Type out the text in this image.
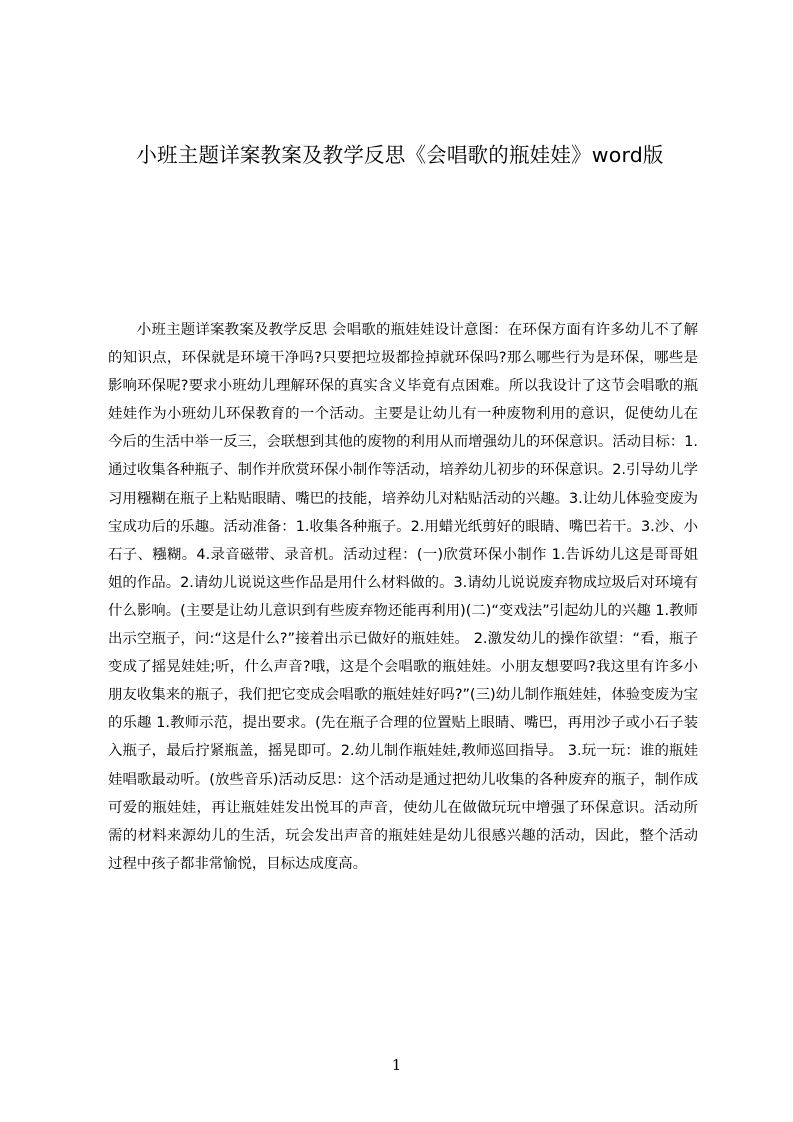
小班主题详案教案及教学反思《会唱歌的瓶娃娃》word版

小班主题详案教案及教学反思 会唱歌的瓶娃娃设计意图：在环保方面有许多幼儿不了解的知识点，环保就是环境干净吗?只要把垃圾都捡掉就环保吗?那么哪些行为是环保，哪些是影响环保呢?要求小班幼儿理解环保的真实含义毕竟有点困难。所以我设计了这节会唱歌的瓶娃娃作为小班幼儿环保教育的一个活动。主要是让幼儿有一种废物利用的意识，促使幼儿在今后的生活中举一反三，会联想到其他的废物的利用从而增强幼儿的环保意识。活动目标：1.通过收集各种瓶子、制作并欣赏环保小制作等活动，培养幼儿初步的环保意识。2.引导幼儿学习用糨糊在瓶子上粘贴眼睛、嘴巴的技能，培养幼儿对粘贴活动的兴趣。3.让幼儿体验变废为宝成功后的乐趣。活动准备：1.收集各种瓶子。2.用蜡光纸剪好的眼睛、嘴巴若干。3.沙、小石子、糨糊。4.录音磁带、录音机。活动过程：(一)欣赏环保小制作 1.告诉幼儿这是哥哥姐姐的作品。2.请幼儿说说这些作品是用什么材料做的。3.请幼儿说说废弃物成垃圾后对环境有什么影响。(主要是让幼儿意识到有些废弃物还能再利用)(二)“变戏法”引起幼儿的兴趣 1.教师出示空瓶子，问:“这是什么?”接着出示已做好的瓶娃娃。 2.激发幼儿的操作欲望：“看，瓶子变成了摇晃娃娃;听，什么声音?哦，这是个会唱歌的瓶娃娃。小朋友想要吗?我这里有许多小朋友收集来的瓶子，我们把它变成会唱歌的瓶娃娃好吗?”(三)幼儿制作瓶娃娃，体验变废为宝的乐趣 1.教师示范，提出要求。(先在瓶子合理的位置贴上眼睛、嘴巴，再用沙子或小石子装入瓶子，最后拧紧瓶盖，摇晃即可。2.幼儿制作瓶娃娃,教师巡回指导。 3.玩一玩：谁的瓶娃娃唱歌最动听。(放些音乐)活动反思：这个活动是通过把幼儿收集的各种废弃的瓶子，制作成可爱的瓶娃娃，再让瓶娃娃发出悦耳的声音，使幼儿在做做玩玩中增强了环保意识。活动所需的材料来源幼儿的生活，玩会发出声音的瓶娃娃是幼儿很感兴趣的活动，因此，整个活动过程中孩子都非常愉悦，目标达成度高。

1
